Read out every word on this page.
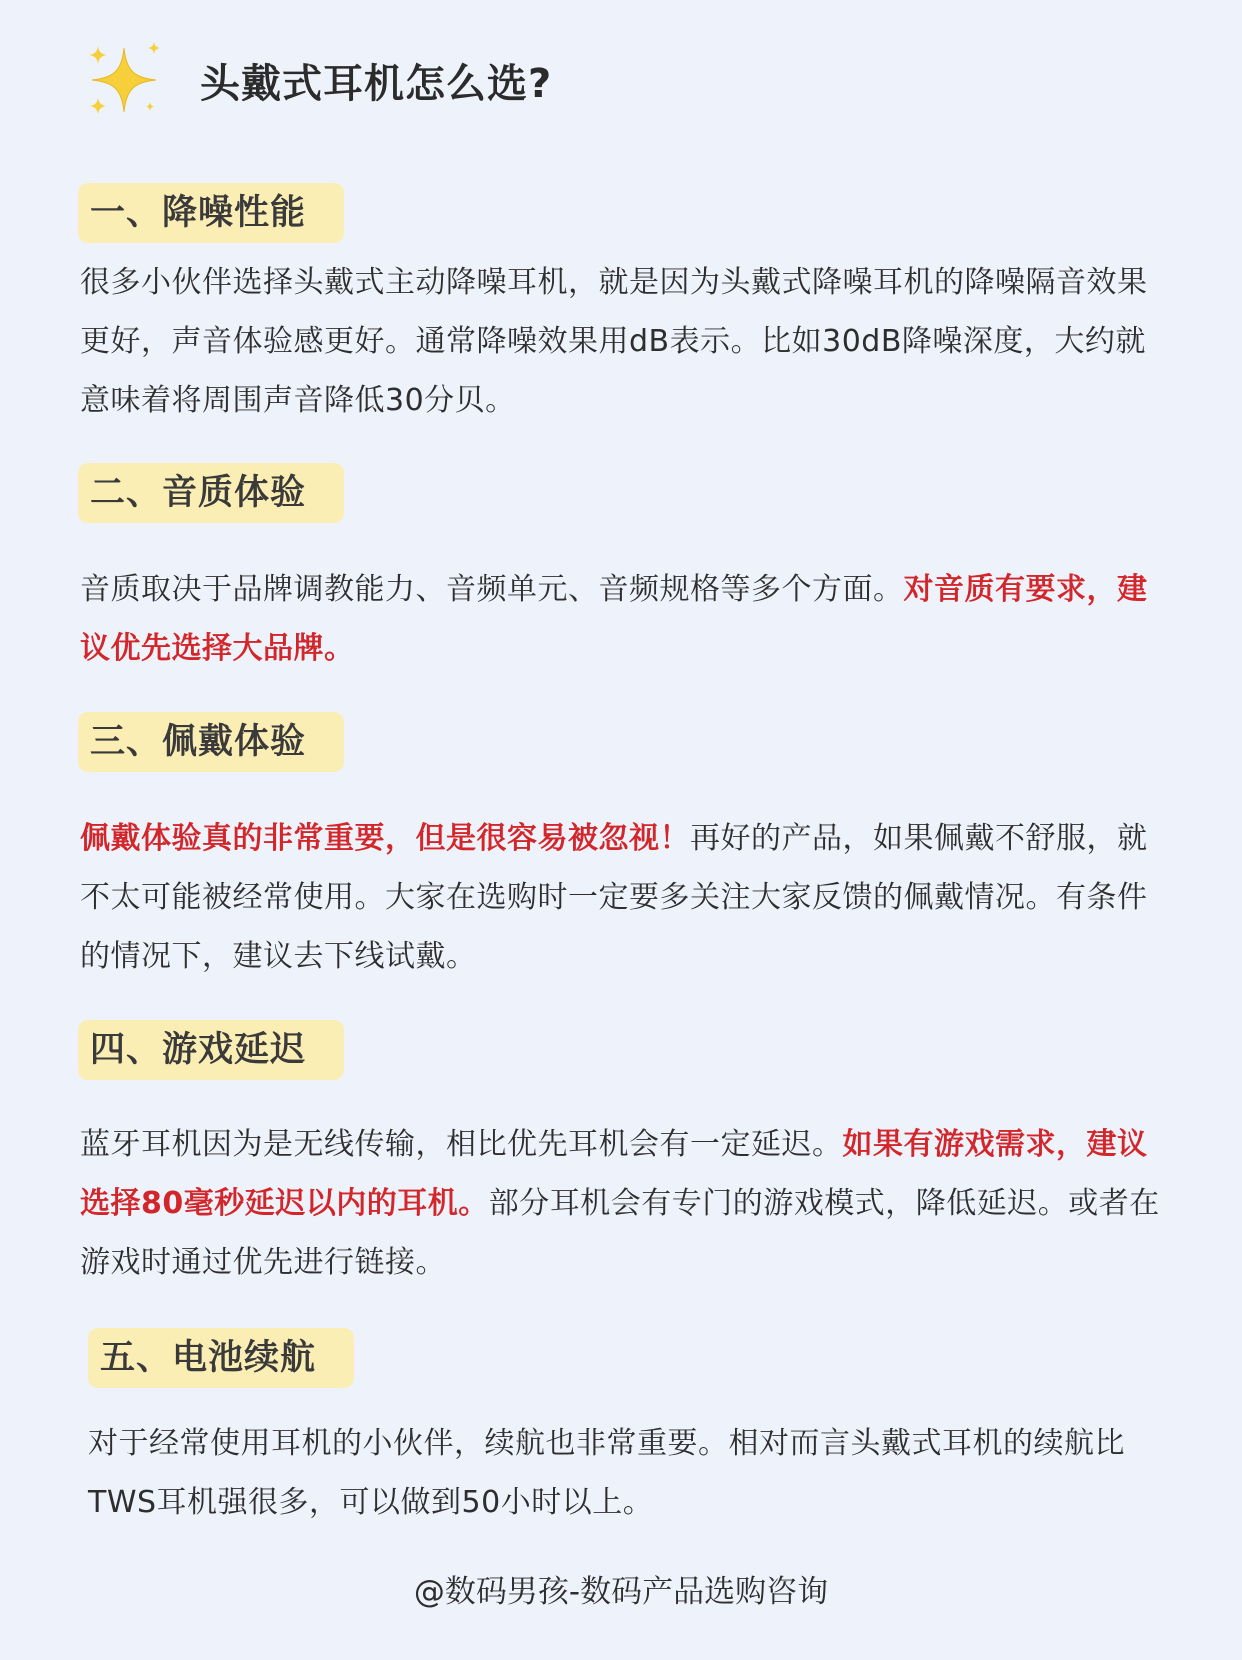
头戴式耳机怎么选?
一、降噪性能
很多小伙伴选择头戴式主动降噪耳机，就是因为头戴式降噪耳机的降噪隔音效果更好，声音体验感更好。通常降噪效果用dB表示。比如30dB降噪深度，大约就意味着将周围声音降低30分贝。
二、音质体验
音质取决于品牌调教能力、音频单元、音频规格等多个方面。对音质有要求，建议优先选择大品牌。
三、佩戴体验
佩戴体验真的非常重要，但是很容易被忽视！再好的产品，如果佩戴不舒服，就不太可能被经常使用。大家在选购时一定要多关注大家反馈的佩戴情况。有条件的情况下，建议去下线试戴。
四、游戏延迟
蓝牙耳机因为是无线传输，相比优先耳机会有一定延迟。如果有游戏需求，建议选择80毫秒延迟以内的耳机。部分耳机会有专门的游戏模式，降低延迟。或者在游戏时通过优先进行链接。
五、电池续航
对于经常使用耳机的小伙伴，续航也非常重要。相对而言头戴式耳机的续航比TWS耳机强很多，可以做到50小时以上。
@数码男孩-数码产品选购咨询
